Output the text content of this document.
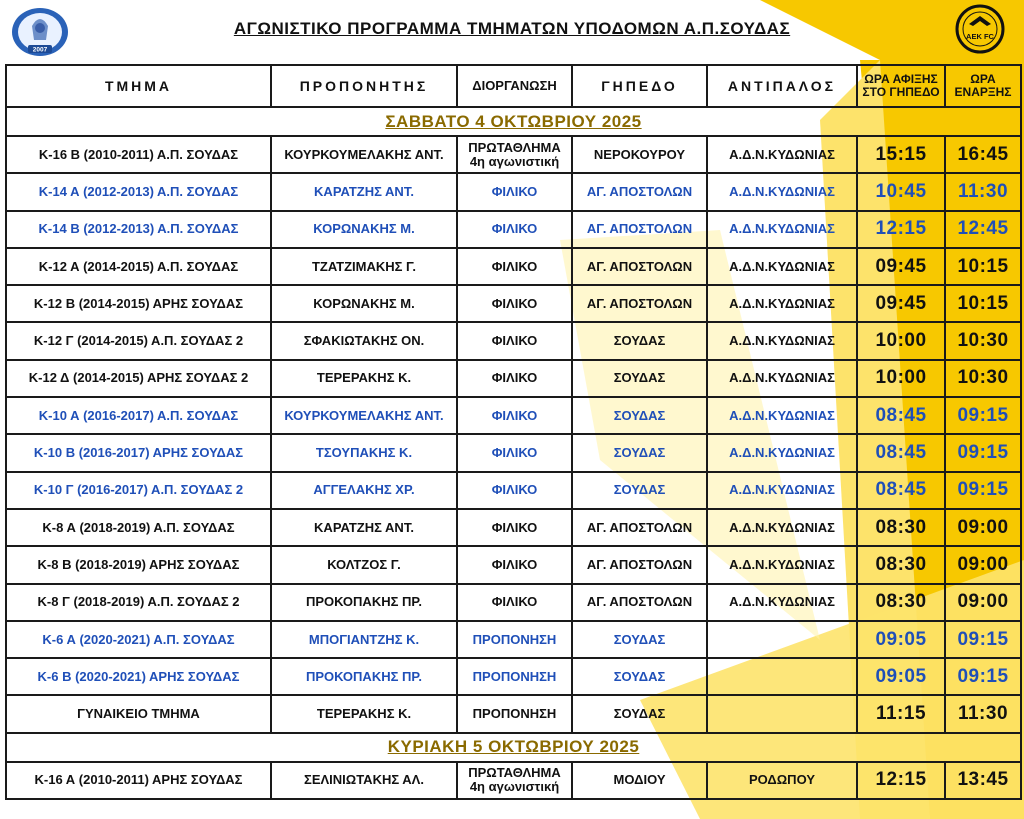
2007
AEK FC
ΑΓΩΝΙΣΤΙΚΟ ΠΡΟΓΡΑΜΜΑ ΤΜΗΜΑΤΩΝ ΥΠΟΔΟΜΩΝ Α.Π.ΣΟΥΔΑΣ
ΤΜΗΜΑ	ΠΡΟΠΟΝΗΤΗΣ	ΔΙΟΡΓΑΝΩΣΗ	ΓΗΠΕΔΟ	ΑΝΤΙΠΑΛΟΣ	ΩΡΑ ΑΦΙΞΗΣ
ΣΤΟ ΓΗΠΕΔΟ	ΩΡΑ
ΕΝΑΡΞΗΣ
ΣΑΒΒΑΤΟ 4 ΟΚΤΩΒΡΙΟΥ 2025						
Κ-16 Β (2010-2011) Α.Π. ΣΟΥΔΑΣ	ΚΟΥΡΚΟΥΜΕΛΑΚΗΣ ΑΝΤ.	ΠΡΩΤΑΘΛΗΜΑ
4η αγωνιστική	ΝΕΡΟΚΟΥΡΟΥ	Α.Δ.Ν.ΚΥΔΩΝΙΑΣ	15:15	16:45
Κ-14 Α (2012-2013) Α.Π. ΣΟΥΔΑΣ	ΚΑΡΑΤΖΗΣ ΑΝΤ.	ΦΙΛΙΚΟ	ΑΓ. ΑΠΟΣΤΟΛΩΝ	Α.Δ.Ν.ΚΥΔΩΝΙΑΣ	10:45	11:30
Κ-14 Β (2012-2013) Α.Π. ΣΟΥΔΑΣ	ΚΟΡΩΝΑΚΗΣ Μ.	ΦΙΛΙΚΟ	ΑΓ. ΑΠΟΣΤΟΛΩΝ	Α.Δ.Ν.ΚΥΔΩΝΙΑΣ	12:15	12:45
Κ-12 Α (2014-2015) Α.Π. ΣΟΥΔΑΣ	ΤΖΑΤΖΙΜΑΚΗΣ Γ.	ΦΙΛΙΚΟ	ΑΓ. ΑΠΟΣΤΟΛΩΝ	Α.Δ.Ν.ΚΥΔΩΝΙΑΣ	09:45	10:15
Κ-12 Β (2014-2015) ΑΡΗΣ ΣΟΥΔΑΣ	ΚΟΡΩΝΑΚΗΣ Μ.	ΦΙΛΙΚΟ	ΑΓ. ΑΠΟΣΤΟΛΩΝ	Α.Δ.Ν.ΚΥΔΩΝΙΑΣ	09:45	10:15
Κ-12 Γ (2014-2015) Α.Π. ΣΟΥΔΑΣ 2	ΣΦΑΚΙΩΤΑΚΗΣ ΟΝ.	ΦΙΛΙΚΟ	ΣΟΥΔΑΣ	Α.Δ.Ν.ΚΥΔΩΝΙΑΣ	10:00	10:30
Κ-12 Δ (2014-2015) ΑΡΗΣ ΣΟΥΔΑΣ 2	ΤΕΡΕΡΑΚΗΣ Κ.	ΦΙΛΙΚΟ	ΣΟΥΔΑΣ	Α.Δ.Ν.ΚΥΔΩΝΙΑΣ	10:00	10:30
Κ-10 Α (2016-2017) Α.Π. ΣΟΥΔΑΣ	ΚΟΥΡΚΟΥΜΕΛΑΚΗΣ ΑΝΤ.	ΦΙΛΙΚΟ	ΣΟΥΔΑΣ	Α.Δ.Ν.ΚΥΔΩΝΙΑΣ	08:45	09:15
Κ-10 Β (2016-2017) ΑΡΗΣ ΣΟΥΔΑΣ	ΤΣΟΥΠΑΚΗΣ Κ.	ΦΙΛΙΚΟ	ΣΟΥΔΑΣ	Α.Δ.Ν.ΚΥΔΩΝΙΑΣ	08:45	09:15
Κ-10 Γ (2016-2017) Α.Π. ΣΟΥΔΑΣ 2	ΑΓΓΕΛΑΚΗΣ ΧΡ.	ΦΙΛΙΚΟ	ΣΟΥΔΑΣ	Α.Δ.Ν.ΚΥΔΩΝΙΑΣ	08:45	09:15
Κ-8 Α (2018-2019) Α.Π. ΣΟΥΔΑΣ	ΚΑΡΑΤΖΗΣ ΑΝΤ.	ΦΙΛΙΚΟ	ΑΓ. ΑΠΟΣΤΟΛΩΝ	Α.Δ.Ν.ΚΥΔΩΝΙΑΣ	08:30	09:00
Κ-8 Β (2018-2019) ΑΡΗΣ ΣΟΥΔΑΣ	ΚΟΛΤΖΟΣ Γ.	ΦΙΛΙΚΟ	ΑΓ. ΑΠΟΣΤΟΛΩΝ	Α.Δ.Ν.ΚΥΔΩΝΙΑΣ	08:30	09:00
Κ-8 Γ (2018-2019) Α.Π. ΣΟΥΔΑΣ 2	ΠΡΟΚΟΠΑΚΗΣ ΠΡ.	ΦΙΛΙΚΟ	ΑΓ. ΑΠΟΣΤΟΛΩΝ	Α.Δ.Ν.ΚΥΔΩΝΙΑΣ	08:30	09:00
Κ-6 Α (2020-2021) Α.Π. ΣΟΥΔΑΣ	ΜΠΟΓΙΑΝΤΖΗΣ Κ.	ΠΡΟΠΟΝΗΣΗ	ΣΟΥΔΑΣ		09:05	09:15
Κ-6 Β (2020-2021) ΑΡΗΣ ΣΟΥΔΑΣ	ΠΡΟΚΟΠΑΚΗΣ ΠΡ.	ΠΡΟΠΟΝΗΣΗ	ΣΟΥΔΑΣ		09:05	09:15
ΓΥΝΑΙΚΕΙΟ ΤΜΗΜΑ	ΤΕΡΕΡΑΚΗΣ Κ.	ΠΡΟΠΟΝΗΣΗ	ΣΟΥΔΑΣ		11:15	11:30
ΚΥΡΙΑΚΗ 5 ΟΚΤΩΒΡΙΟΥ 2025						
Κ-16 Α (2010-2011) ΑΡΗΣ ΣΟΥΔΑΣ	ΣΕΛΙΝΙΩΤΑΚΗΣ ΑΛ.	ΠΡΩΤΑΘΛΗΜΑ
4η αγωνιστική	ΜΟΔΙΟΥ	ΡΟΔΩΠΟΥ	12:15	13:45
